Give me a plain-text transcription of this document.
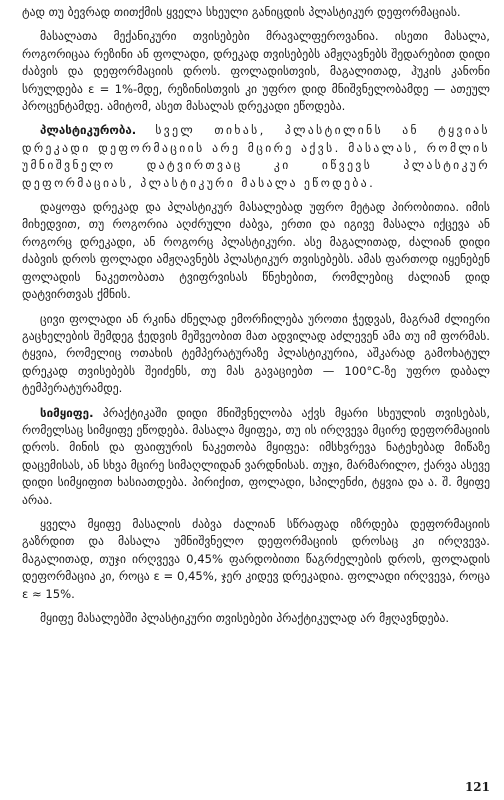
ტად თუ ბევრად თითქმის ყველა სხეული განიცდის პლასტიკურ დეფორმაციას.

მასალათა მექანიკური თვისებები მრავალფეროვანია. ისეთი მასალა, როგორიცაა რეზინი ან ფოლადი, დრეკად თვისებებს ამჟღავნებს შედარებით დიდი ძაბვის და დეფორმაციის დროს. ფოლადისთვის, მაგალითად, ჰუკის კანონი სრულდება ε = 1%-მდე, რეზინისთვის კი უფრო დიდ მნიშვნელობამდე — ათეულ პროცენტამდე. ამიტომ, ასეთ მასალას დრეკადი ეწოდება.

პლასტიკურობა. სველ თიხას, პლასტილინს ან ტყვიას დრეკადი დეფორმაციის არე მცირე აქვს. მასალას, რომლის უმნიშვნელო დატვირთვაც კი იწვევს პლასტიკურ დეფორმაციას, პლასტიკური მასალა ეწოდება.

დაყოფა დრეკად და პლასტიკურ მასალებად უფრო მეტად პირობითია. იმის მიხედვით, თუ როგორია აღძრული ძაბვა, ერთი და იგივე მასალა იქცევა ან როგორც დრეკადი, ან როგორც პლასტიკური. ასე მაგალითად, ძალიან დიდი ძაბვის დროს ფოლადი ამჟღავნებს პლასტიკურ თვისებებს. ამას ფართოდ იყენებენ ფოლადის ნაკეთობათა ტვიფრვისას წნეხებით, რომლებიც ძალიან დიდ დატვირთვას ქმნის.

ცივი ფოლადი ან რკინა ძნელად ემორჩილება უროთი ჭედვას, მაგრამ ძლიერი გაცხელების შემდეგ ჭედვის მეშვეობით მათ ადვილად აძლევენ ამა თუ იმ ფორმას. ტყვია, რომელიც ოთახის ტემპერატურაზე პლასტიკურია, აშკარად გამოხატულ დრეკად თვისებებს შეიძენს, თუ მას გავაციებთ — 100°C-ზე უფრო დაბალ ტემპერატურამდე.

სიმყიფე. პრაქტიკაში დიდი მნიშვნელობა აქვს მყარი სხეულის თვისებას, რომელსაც სიმყიფე ეწოდება. მასალა მყიფეა, თუ ის ირღვევა მცირე დეფორმაციის დროს. მინის და ფაიფურის ნაკეთობა მყიფეა: იმსხვრევა ნატეხებად მიწაზე დაცემისას, ან სხვა მცირე სიმაღლიდან ვარდნისას. თუჯი, მარმარილო, ქარვა ასევე დიდი სიმყიფით ხასიათდება. პირიქით, ფოლადი, სპილენძი, ტყვია და ა. შ. მყიფე არაა.

ყველა მყიფე მასალის ძაბვა ძალიან სწრაფად იზრდება დეფორმაციის გაზრდით და მასალა უმნიშვნელო დეფორმაციის დროსაც კი ირღვევა. მაგალითად, თუჯი ირღვევა 0,45% ფარდობითი წაგრძელების დროს, ფოლადის დეფორმაცია კი, როცა ε = 0,45%, ჯერ კიდევ დრეკადია. ფოლადი ირღვევა, როცა ε ≈ 15%.

მყიფე მასალებში პლასტიკური თვისებები პრაქტიკულად არ მჟღავნდება.

121
